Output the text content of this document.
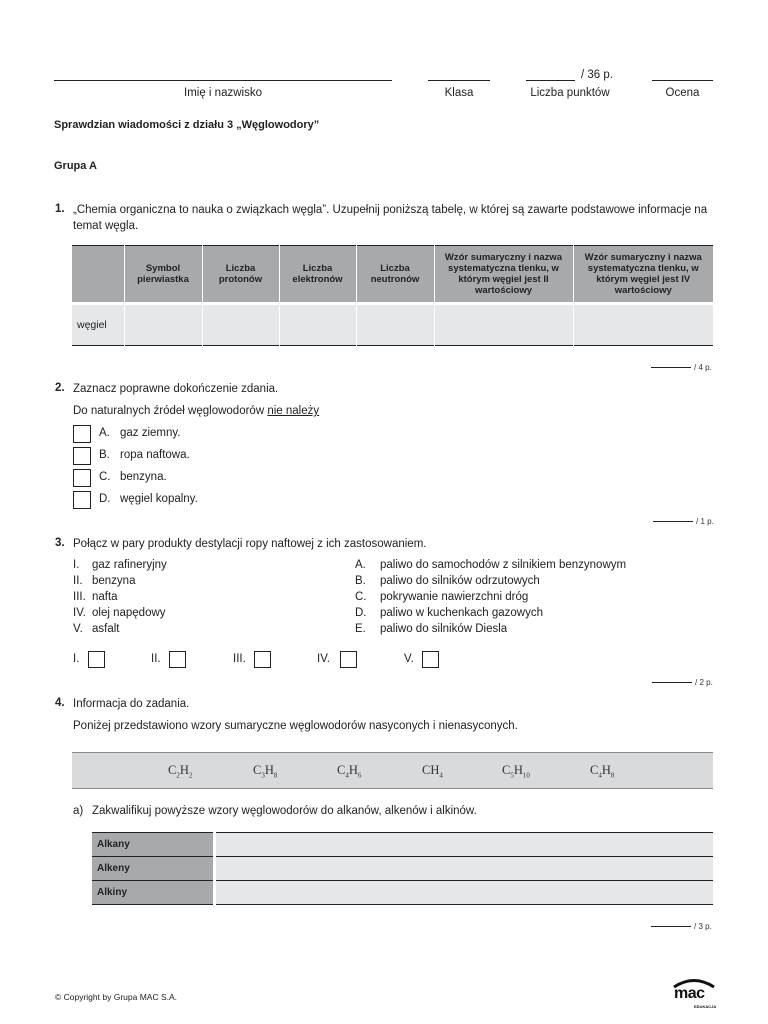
/ 36 p.
Imię i nazwisko	Klasa	Liczba punktów	Ocena
Sprawdzian wiadomości z działu 3 „Węglowodory”
Grupa A
1. „Chemia organiczna to nauka o związkach węgla”. Uzupełnij poniższą tabelę, w której są zawarte podstawowe informacje na temat węgla.
	Symbol pierwiastka	Liczba protonów	Liczba elektronów	Liczba neutronów	Wzór sumaryczny i nazwa systematyczna tlenku, w którym węgiel jest II wartościowy	Wzór sumaryczny i nazwa systematyczna tlenku, w którym węgiel jest IV wartościowy
węgiel						
/ 4 p.
2. Zaznacz poprawne dokończenie zdania.
Do naturalnych źródeł węglowodorów nie należy
A. gaz ziemny.
B. ropa naftowa.
C. benzyna.
D. węgiel kopalny.
/ 1 p.
3. Połącz w pary produkty destylacji ropy naftowej z ich zastosowaniem.
I. gaz rafineryjny
II. benzyna
III. nafta
IV. olej napędowy
V. asfalt
A. paliwo do samochodów z silnikiem benzynowym
B. paliwo do silników odrzutowych
C. pokrywanie nawierzchni dróg
D. paliwo w kuchenkach gazowych
E. paliwo do silników Diesla
I.	II.	III.	IV.	V.
/ 2 p.
4. Informacja do zadania.
Poniżej przedstawiono wzory sumaryczne węglowodorów nasyconych i nienasyconych.
$C_2H_2$	$C_3H_8$	$C_4H_6$	$CH_4$	$C_5H_{10}$	$C_4H_8$
a) Zakwalifikuj powyższe wzory węglowodorów do alkanów, alkenów i alkinów.
Alkany	
Alkeny	
Alkiny	
/ 3 p.
© Copyright by Grupa MAC S.A.	mac
EDUKACJA
